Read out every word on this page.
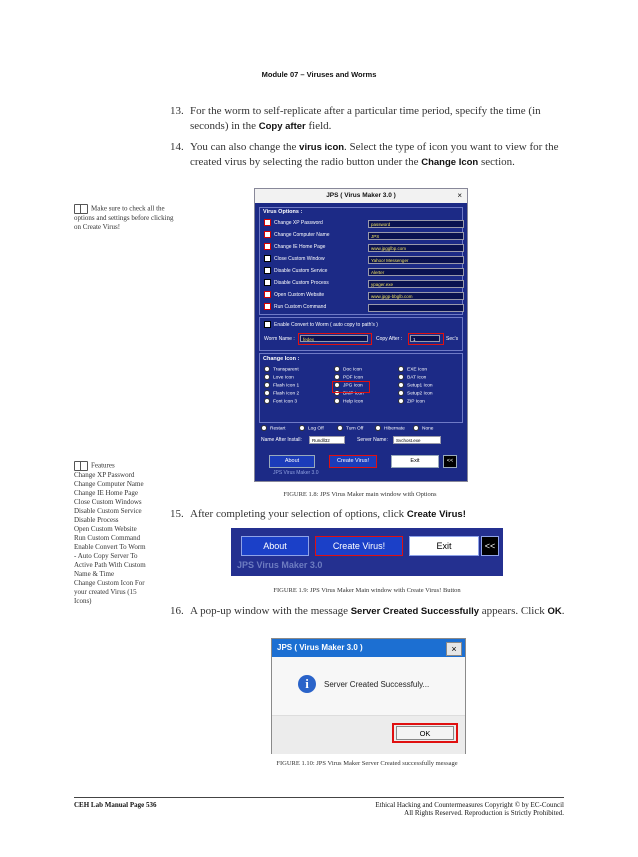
Module 07 – Viruses and Worms
13. For the worm to self-replicate after a particular time period, specify the time (in seconds) in the Copy after field.
14. You can also change the virus icon. Select the type of icon you want to view for the created virus by selecting the radio button under the Change Icon section.
Make sure to check all the options and settings before clicking on Create Virus!
Features
Change XP Password
Change Computer Name
Change IE Home Page
Close Custom Windows
Disable Custom Service
Disable Process
Open Custom Website
Run Custom Command
Enable Convert To Worm
- Auto Copy Server To
Active Path With Custom
Name & Time
Change Custom Icon For
your created Virus (15
Icons)
JPS ( Virus Maker 3.0 )	×
Virus Options :
Change XP Password	password
Change Computer Name	JPS
Change IE Home Page	www.jpgglbp.com
Close Custom Window	Yahoo! Messenger
Disable Custom Service	Alerter
Disable Custom Process	ypager.exe
Open Custom Website	www.jpgp-bbglb.com
Run Custom Command
Enable Convert to Worm ( auto copy to path's )
Worm Name :	fedex	Copy After :	1	Sec's
Change Icon :
Transparent	Doc Icon	EXE Icon
Love Icon	PDF Icon	BAT Icon
Flash Icon 1	JPG Icon	Setup1 Icon
Flash Icon 2	BMP Icon	Setup2 Icon
Font Icon 3	Help Icon	ZIP Icon
Restart	Log Off	Turn Off	Hibernate	None
Name After Install:	Rundll32	Server Name:	Svchost.exe
About	Create Virus!	Exit	<<
JPS Virus Maker 3.0
FIGURE 1.8: JPS Virus Maker main window with Options
15. After completing your selection of options, click Create Virus!
About	Create Virus!	Exit	<<
JPS Virus Maker 3.0
FIGURE 1.9: JPS Virus Maker Main window with Create Virus! Button
16. A pop-up window with the message Server Created Successfully appears. Click OK.
JPS ( Virus Maker 3.0 )	×
i	Server Created Successfuly...
OK
FIGURE 1.10: JPS Virus Maker Server Created successfully message
CEH Lab Manual Page 536	Ethical Hacking and Countermeasures Copyright © by EC-Council
All Rights Reserved. Reproduction is Strictly Prohibited.
